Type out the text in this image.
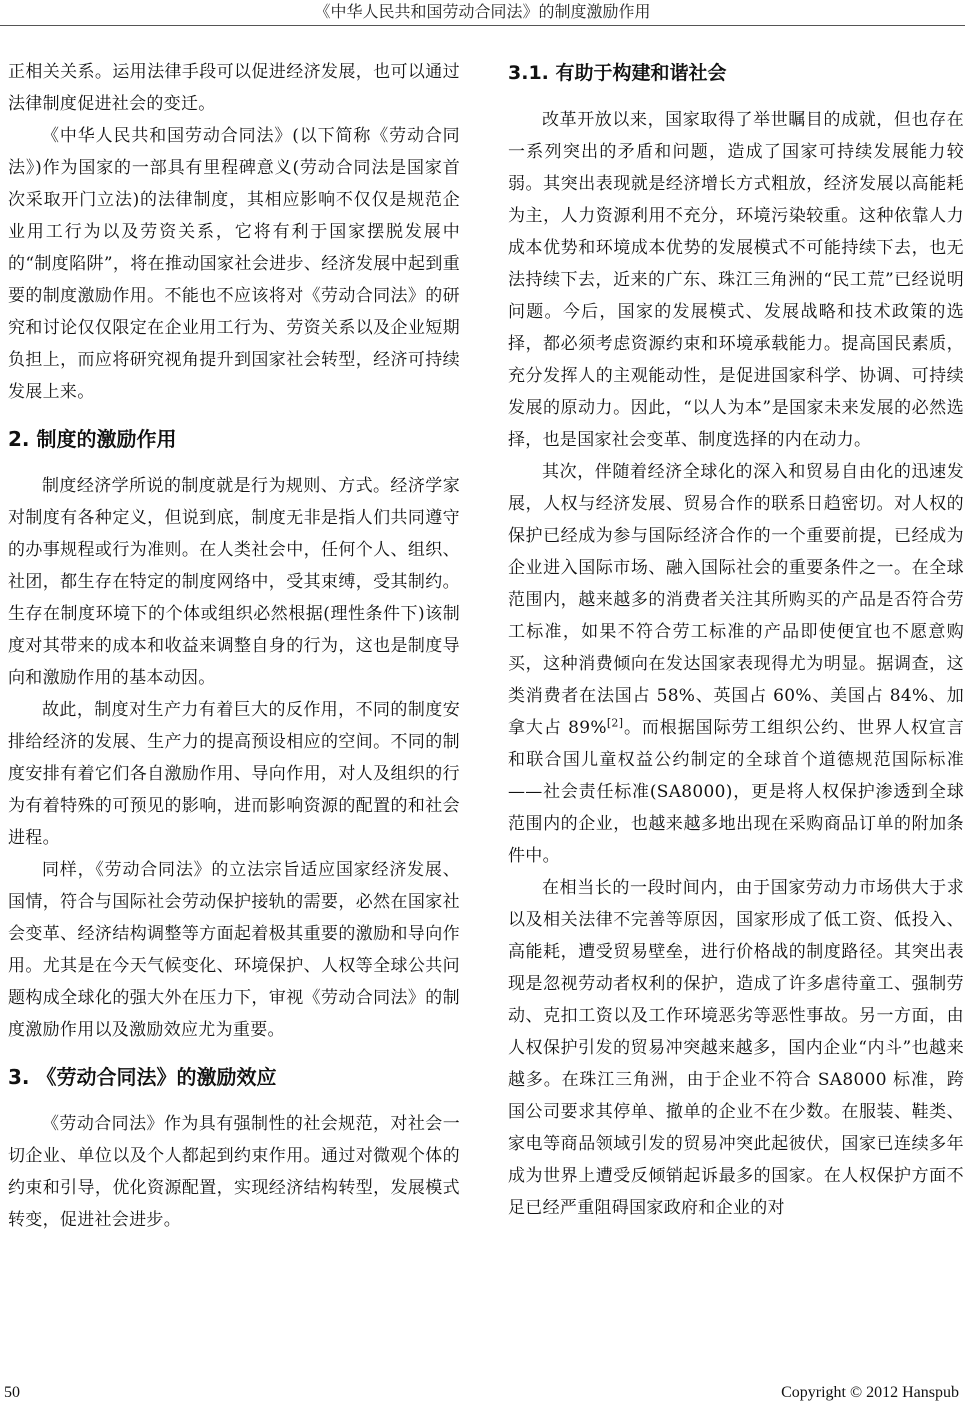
《中华人民共和国劳动合同法》的制度激励作用

正相关关系。运用法律手段可以促进经济发展，也可以通过法律制度促进社会的变迁。

《中华人民共和国劳动合同法》(以下简称《劳动合同法》)作为国家的一部具有里程碑意义(劳动合同法是国家首次采取开门立法)的法律制度，其相应影响不仅仅是规范企业用工行为以及劳资关系，它将有利于国家摆脱发展中的“制度陷阱”，将在推动国家社会进步、经济发展中起到重要的制度激励作用。不能也不应该将对《劳动合同法》的研究和讨论仅仅限定在企业用工行为、劳资关系以及企业短期负担上，而应将研究视角提升到国家社会转型，经济可持续发展上来。

2. 制度的激励作用

制度经济学所说的制度就是行为规则、方式。经济学家对制度有各种定义，但说到底，制度无非是指人们共同遵守的办事规程或行为准则。在人类社会中，任何个人、组织、社团，都生存在特定的制度网络中，受其束缚，受其制约。生存在制度环境下的个体或组织必然根据(理性条件下)该制度对其带来的成本和收益来调整自身的行为，这也是制度导向和激励作用的基本动因。

故此，制度对生产力有着巨大的反作用，不同的制度安排给经济的发展、生产力的提高预设相应的空间。不同的制度安排有着它们各自激励作用、导向作用，对人及组织的行为有着特殊的可预见的影响，进而影响资源的配置的和社会进程。

同样，《劳动合同法》的立法宗旨适应国家经济发展、国情，符合与国际社会劳动保护接轨的需要，必然在国家社会变革、经济结构调整等方面起着极其重要的激励和导向作用。尤其是在今天气候变化、环境保护、人权等全球公共问题构成全球化的强大外在压力下，审视《劳动合同法》的制度激励作用以及激励效应尤为重要。

3. 《劳动合同法》的激励效应

《劳动合同法》作为具有强制性的社会规范，对社会一切企业、单位以及个人都起到约束作用。通过对微观个体的约束和引导，优化资源配置，实现经济结构转型，发展模式转变，促进社会进步。

3.1. 有助于构建和谐社会

改革开放以来，国家取得了举世瞩目的成就，但也存在一系列突出的矛盾和问题，造成了国家可持续发展能力较弱。其突出表现就是经济增长方式粗放，经济发展以高能耗为主，人力资源利用不充分，环境污染较重。这种依靠人力成本优势和环境成本优势的发展模式不可能持续下去，也无法持续下去，近来的广东、珠江三角洲的“民工荒”已经说明问题。今后，国家的发展模式、发展战略和技术政策的选择，都必须考虑资源约束和环境承载能力。提高国民素质，充分发挥人的主观能动性，是促进国家科学、协调、可持续发展的原动力。因此，“以人为本”是国家未来发展的必然选择，也是国家社会变革、制度选择的内在动力。

其次，伴随着经济全球化的深入和贸易自由化的迅速发展，人权与经济发展、贸易合作的联系日趋密切。对人权的保护已经成为参与国际经济合作的一个重要前提，已经成为企业进入国际市场、融入国际社会的重要条件之一。在全球范围内，越来越多的消费者关注其所购买的产品是否符合劳工标准，如果不符合劳工标准的产品即使便宜也不愿意购买，这种消费倾向在发达国家表现得尤为明显。据调查，这类消费者在法国占 58%、英国占 60%、美国占 84%、加拿大占 89%[2]。而根据国际劳工组织公约、世界人权宣言和联合国儿童权益公约制定的全球首个道德规范国际标准——社会责任标准(SA8000)，更是将人权保护渗透到全球范围内的企业，也越来越多地出现在采购商品订单的附加条件中。

在相当长的一段时间内，由于国家劳动力市场供大于求以及相关法律不完善等原因，国家形成了低工资、低投入、高能耗，遭受贸易壁垒，进行价格战的制度路径。其突出表现是忽视劳动者权利的保护，造成了许多虐待童工、强制劳动、克扣工资以及工作环境恶劣等恶性事故。另一方面，由人权保护引发的贸易冲突越来越多，国内企业“内斗”也越来越多。在珠江三角洲，由于企业不符合 SA8000 标准，跨国公司要求其停单、撤单的企业不在少数。在服装、鞋类、家电等商品领域引发的贸易冲突此起彼伏，国家已连续多年成为世界上遭受反倾销起诉最多的国家。在人权保护方面不足已经严重阻碍国家政府和企业的对

50	Copyright © 2012 Hanspub
